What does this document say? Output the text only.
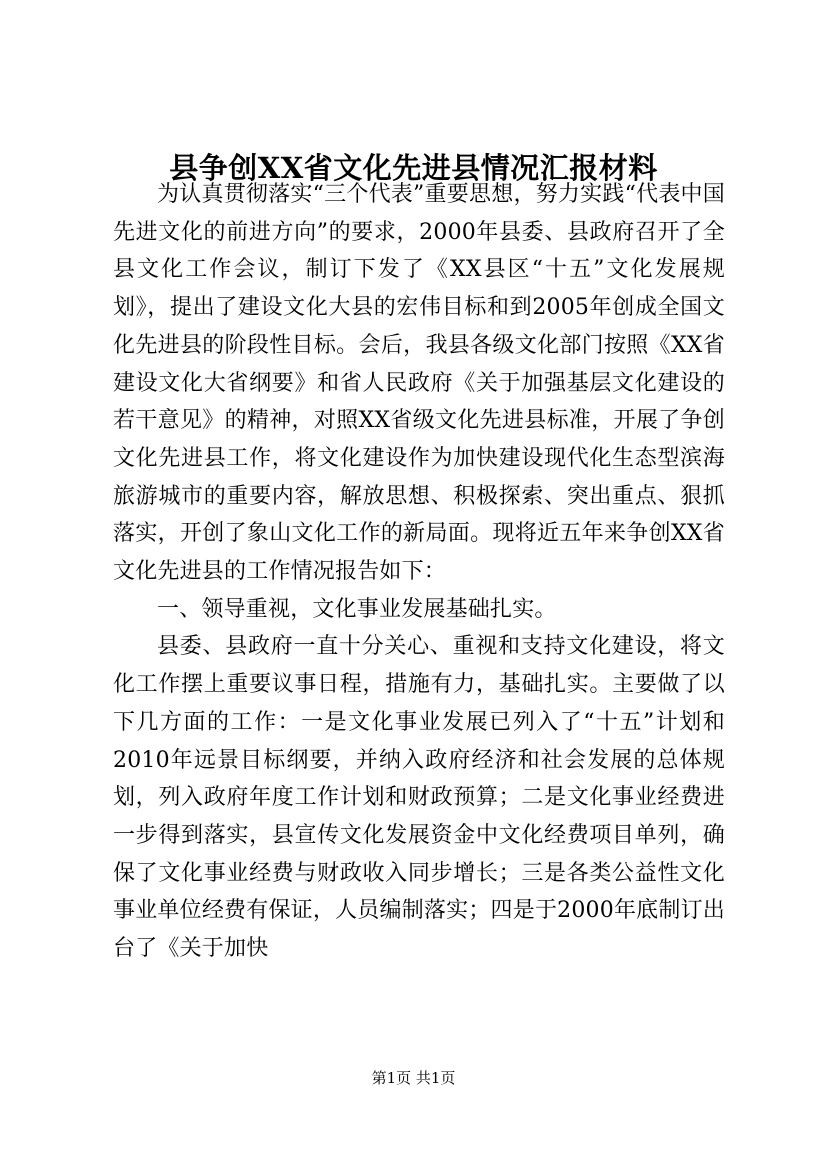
县争创XX省文化先进县情况汇报材料

为认真贯彻落实“三个代表”重要思想，努力实践“代表中国先进文化的前进方向”的要求，2000年县委、县政府召开了全县文化工作会议，制订下发了《XX县区“十五”文化发展规划》，提出了建设文化大县的宏伟目标和到2005年创成全国文化先进县的阶段性目标。会后，我县各级文化部门按照《XX省建设文化大省纲要》和省人民政府《关于加强基层文化建设的若干意见》的精神，对照XX省级文化先进县标准，开展了争创文化先进县工作，将文化建设作为加快建设现代化生态型滨海旅游城市的重要内容，解放思想、积极探索、突出重点、狠抓落实，开创了象山文化工作的新局面。现将近五年来争创XX省文化先进县的工作情况报告如下：

一、领导重视，文化事业发展基础扎实。

县委、县政府一直十分关心、重视和支持文化建设，将文化工作摆上重要议事日程，措施有力，基础扎实。主要做了以下几方面的工作：一是文化事业发展已列入了“十五”计划和2010年远景目标纲要，并纳入政府经济和社会发展的总体规划，列入政府年度工作计划和财政预算；二是文化事业经费进一步得到落实，县宣传文化发展资金中文化经费项目单列，确保了文化事业经费与财政收入同步增长；三是各类公益性文化事业单位经费有保证，人员编制落实；四是于2000年底制订出台了《关于加快

第1页 共1页
